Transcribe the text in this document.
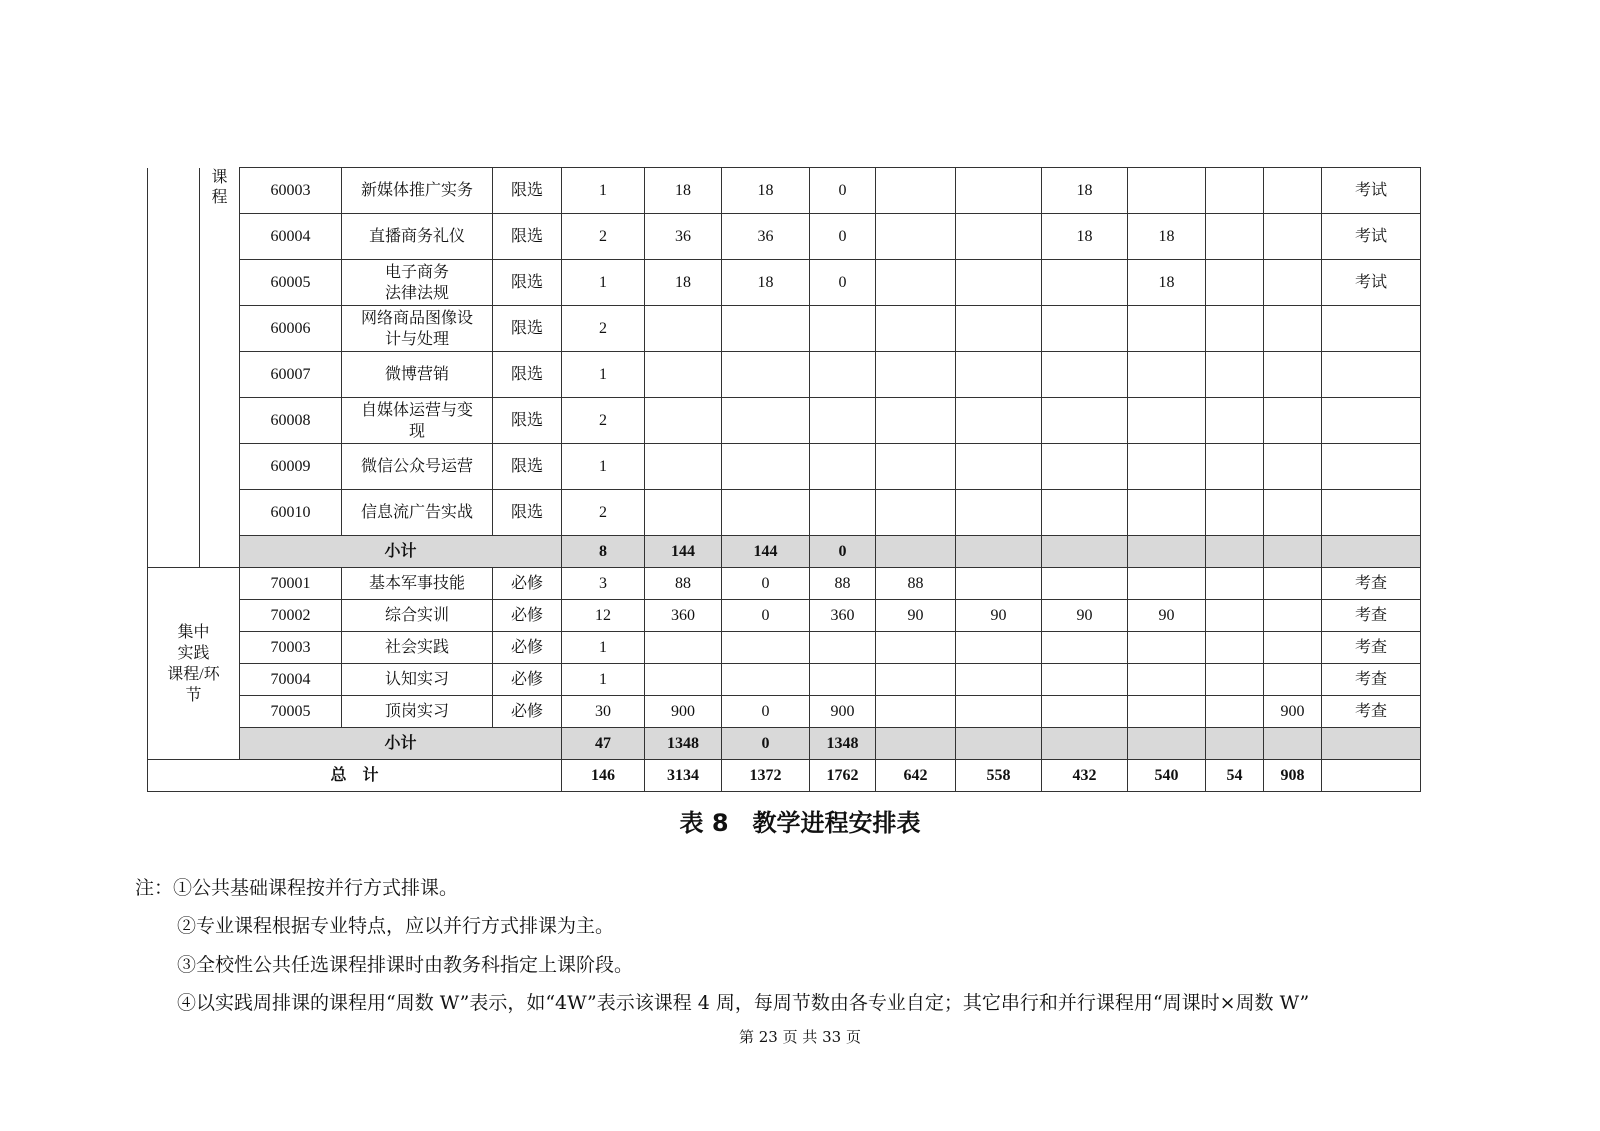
	课
程	60003	新媒体推广实务	限选	1	18	18	0			18				考试
		60004	直播商务礼仪	限选	2	36	36	0			18	18			考试
		60005	电子商务
法律法规	限选	1	18	18	0				18			考试
		60006	网络商品图像设
计与处理	限选	2										
		60007	微博营销	限选	1										
		60008	自媒体运营与变
现	限选	2										
		60009	微信公众号运营	限选	1										
		60010	信息流广告实战	限选	2										
		小计			8	144	144	0							

集中
实践
课程/环
节		70001	基本军事技能	必修	3	88	0	88	88						考查
		70002	综合实训	必修	12	360	0	360	90	90	90	90			考查
		70003	社会实践	必修	1										考查
		70004	认知实习	必修	1										考查
		70005	顶岗实习	必修	30	900	0	900						900	考查
		小计			47	1348	0	1348							
总　计					146	3134	1372	1762	642	558	432	540	54	908	
表 8　教学进程安排表
注：①公共基础课程按并行方式排课。
②专业课程根据专业特点，应以并行方式排课为主。
③全校性公共任选课程排课时由教务科指定上课阶段。
④以实践周排课的课程用“周数 W”表示，如“4W”表示该课程 4 周，每周节数由各专业自定；其它串行和并行课程用“周课时×周数 W”
第 23 页 共 33 页
